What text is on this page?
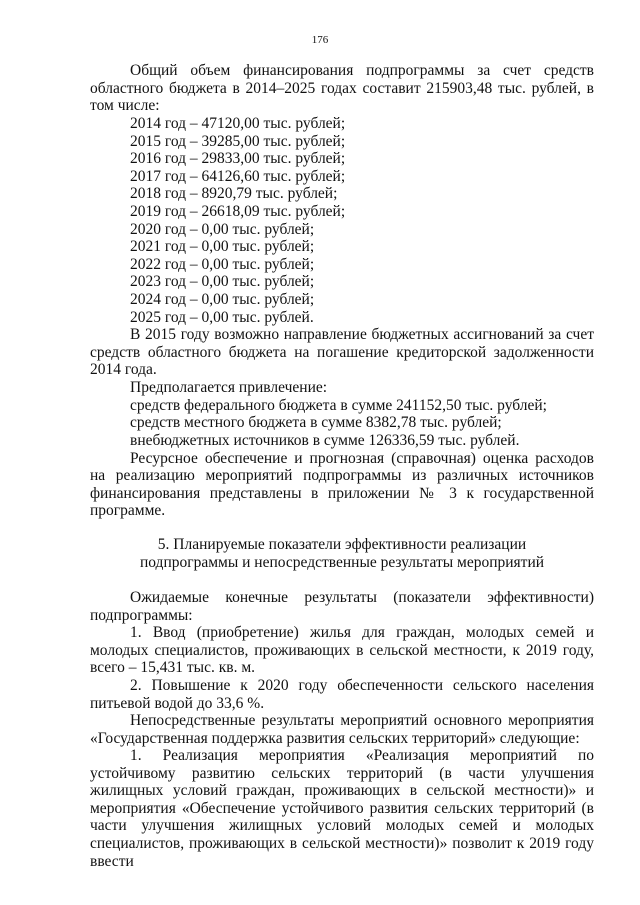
176

Общий объем финансирования подпрограммы за счет средств областного бюджета в 2014–2025 годах составит 215903,48 тыс. рублей, в том числе:

2014 год – 47120,00 тыс. рублей;
2015 год – 39285,00 тыс. рублей;
2016 год – 29833,00 тыс. рублей;
2017 год – 64126,60 тыс. рублей;
2018 год – 8920,79 тыс. рублей;
2019 год – 26618,09 тыс. рублей;
2020 год – 0,00 тыс. рублей;
2021 год – 0,00 тыс. рублей;
2022 год – 0,00 тыс. рублей;
2023 год – 0,00 тыс. рублей;
2024 год – 0,00 тыс. рублей;
2025 год – 0,00 тыс. рублей.

В 2015 году возможно направление бюджетных ассигнований за счет средств областного бюджета на погашение кредиторской задолженности 2014 года.

Предполагается привлечение:
средств федерального бюджета в сумме 241152,50 тыс. рублей;
средств местного бюджета в сумме 8382,78 тыс. рублей;
внебюджетных источников в сумме 126336,59 тыс. рублей.

Ресурсное обеспечение и прогнозная (справочная) оценка расходов на реализацию мероприятий подпрограммы из различных источников финансирования представлены в приложении № 3 к государственной программе.

5. Планируемые показатели эффективности реализации
подпрограммы и непосредственные результаты мероприятий

Ожидаемые конечные результаты (показатели эффективности) подпрограммы:

1. Ввод (приобретение) жилья для граждан, молодых семей и молодых специалистов, проживающих в сельской местности, к 2019 году, всего – 15,431 тыс. кв. м.

2. Повышение к 2020 году обеспеченности сельского населения питьевой водой до 33,6 %.

Непосредственные результаты мероприятий основного мероприятия «Государственная поддержка развития сельских территорий» следующие:

1. Реализация мероприятия «Реализация мероприятий по устойчивому развитию сельских территорий (в части улучшения жилищных условий граждан, проживающих в сельской местности)» и мероприятия «Обеспечение устойчивого развития сельских территорий (в части улучшения жилищных условий молодых семей и молодых специалистов, проживающих в сельской местности)» позволит к 2019 году ввести
